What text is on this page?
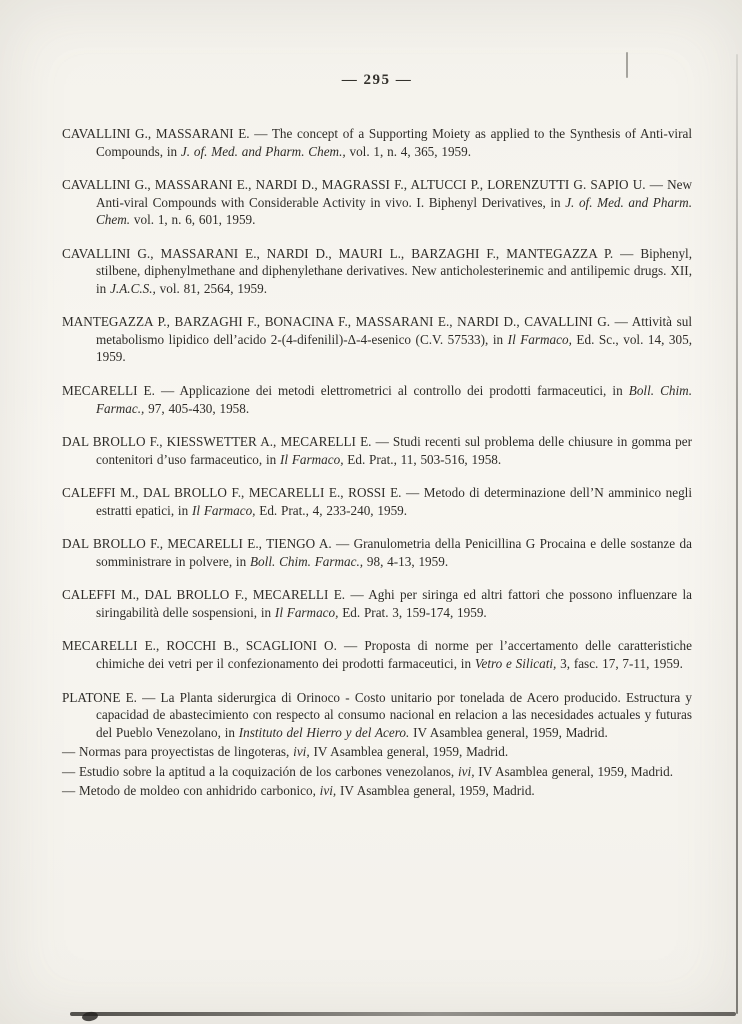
— 295 —

CAVALLINI G., MASSARANI E. — The concept of a Supporting Moiety as applied to the Synthesis of Anti-viral Compounds, in J. of. Med. and Pharm. Chem., vol. 1, n. 4, 365, 1959.

CAVALLINI G., MASSARANI E., NARDI D., MAGRASSI F., ALTUCCI P., LORENZUTTI G. SAPIO U. — New Anti-viral Compounds with Considerable Activity in vivo. I. Biphenyl Derivatives, in J. of. Med. and Pharm. Chem. vol. 1, n. 6, 601, 1959.

CAVALLINI G., MASSARANI E., NARDI D., MAURI L., BARZAGHI F., MANTEGAZZA P. — Biphenyl, stilbene, diphenylmethane and diphenylethane derivatives. New anticholesterinemic and antilipemic drugs. XII, in J.A.C.S., vol. 81, 2564, 1959.

MANTEGAZZA P., BARZAGHI F., BONACINA F., MASSARANI E., NARDI D., CAVALLINI G. — Attività sul metabolismo lipidico dell’acido 2-(4-difenilil)-Δ-4-esenico (C.V. 57533), in Il Farmaco, Ed. Sc., vol. 14, 305, 1959.

MECARELLI E. — Applicazione dei metodi elettrometrici al controllo dei prodotti farmaceutici, in Boll. Chim. Farmac., 97, 405-430, 1958.

DAL BROLLO F., KIESSWETTER A., MECARELLI E. — Studi recenti sul problema delle chiusure in gomma per contenitori d’uso farmaceutico, in Il Farmaco, Ed. Prat., 11, 503-516, 1958.

CALEFFI M., DAL BROLLO F., MECARELLI E., ROSSI E. — Metodo di determinazione dell’N amminico negli estratti epatici, in Il Farmaco, Ed. Prat., 4, 233-240, 1959.

DAL BROLLO F., MECARELLI E., TIENGO A. — Granulometria della Penicillina G Procaina e delle sostanze da somministrare in polvere, in Boll. Chim. Farmac., 98, 4-13, 1959.

CALEFFI M., DAL BROLLO F., MECARELLI E. — Aghi per siringa ed altri fattori che possono influenzare la siringabilità delle sospensioni, in Il Farmaco, Ed. Prat. 3, 159-174, 1959.

MECARELLI E., ROCCHI B., SCAGLIONI O. — Proposta di norme per l’accertamento delle caratteristiche chimiche dei vetri per il confezionamento dei prodotti farmaceutici, in Vetro e Silicati, 3, fasc. 17, 7-11, 1959.

PLATONE E. — La Planta siderurgica di Orinoco - Costo unitario por tonelada de Acero producido. Estructura y capacidad de abastecimiento con respecto al consumo nacional en relacion a las necesidades actuales y futuras del Pueblo Venezolano, in Instituto del Hierro y del Acero. IV Asamblea general, 1959, Madrid.

— Normas para proyectistas de lingoteras, ivi, IV Asamblea general, 1959, Madrid.

— Estudio sobre la aptitud a la coquización de los carbones venezolanos, ivi, IV Asamblea general, 1959, Madrid.

— Metodo de moldeo con anhidrido carbonico, ivi, IV Asamblea general, 1959, Madrid.
